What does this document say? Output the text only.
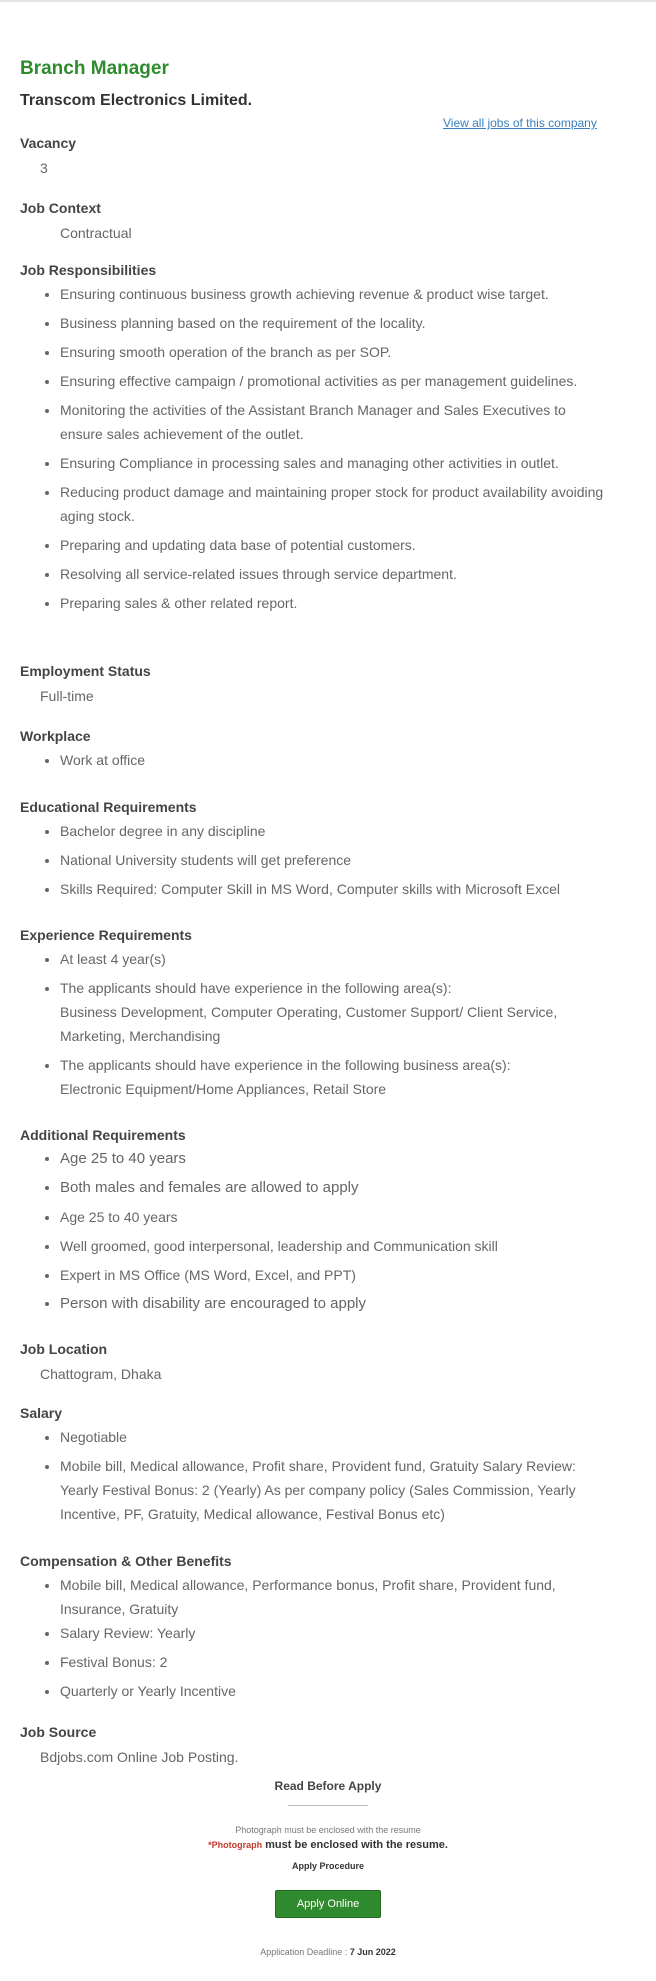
Branch Manager
Transcom Electronics Limited.
View all jobs of this company
Vacancy

3

Job Context

Contractual

Job Responsibilities
• Ensuring continuous business growth achieving revenue & product wise target.
• Business planning based on the requirement of the locality.
• Ensuring smooth operation of the branch as per SOP.
• Ensuring effective campaign / promotional activities as per management guidelines.
• Monitoring the activities of the Assistant Branch Manager and Sales Executives to ensure sales achievement of the outlet.
• Ensuring Compliance in processing sales and managing other activities in outlet.
• Reducing product damage and maintaining proper stock for product availability avoiding aging stock.
• Preparing and updating data base of potential customers.
• Resolving all service-related issues through service department.
• Preparing sales & other related report.
Employment Status

Full-time

Workplace
• Work at office
Educational Requirements
• Bachelor degree in any discipline
• National University students will get preference
• Skills Required: Computer Skill in MS Word, Computer skills with Microsoft Excel
Experience Requirements
• At least 4 year(s)
• The applicants should have experience in the following area(s):
Business Development, Computer Operating, Customer Support/ Client Service, Marketing, Merchandising
• The applicants should have experience in the following business area(s):
Electronic Equipment/Home Appliances, Retail Store
Additional Requirements
• Age 25 to 40 years
• Both males and females are allowed to apply
• Age 25 to 40 years
• Well groomed, good interpersonal, leadership and Communication skill
• Expert in MS Office (MS Word, Excel, and PPT)
• Person with disability are encouraged to apply
Job Location

Chattogram, Dhaka

Salary
• Negotiable
• Mobile bill, Medical allowance, Profit share, Provident fund, Gratuity Salary Review: Yearly Festival Bonus: 2 (Yearly) As per company policy (Sales Commission, Yearly Incentive, PF, Gratuity, Medical allowance, Festival Bonus etc)
Compensation & Other Benefits
• Mobile bill, Medical allowance, Performance bonus, Profit share, Provident fund, Insurance, Gratuity
• Salary Review: Yearly
• Festival Bonus: 2
• Quarterly or Yearly Incentive
Job Source

Bdjobs.com Online Job Posting.

Read Before Apply
Photograph must be enclosed with the resume
*Photograph must be enclosed with the resume.
Apply Procedure
Apply Online
Application Deadline : 7 Jun 2022
